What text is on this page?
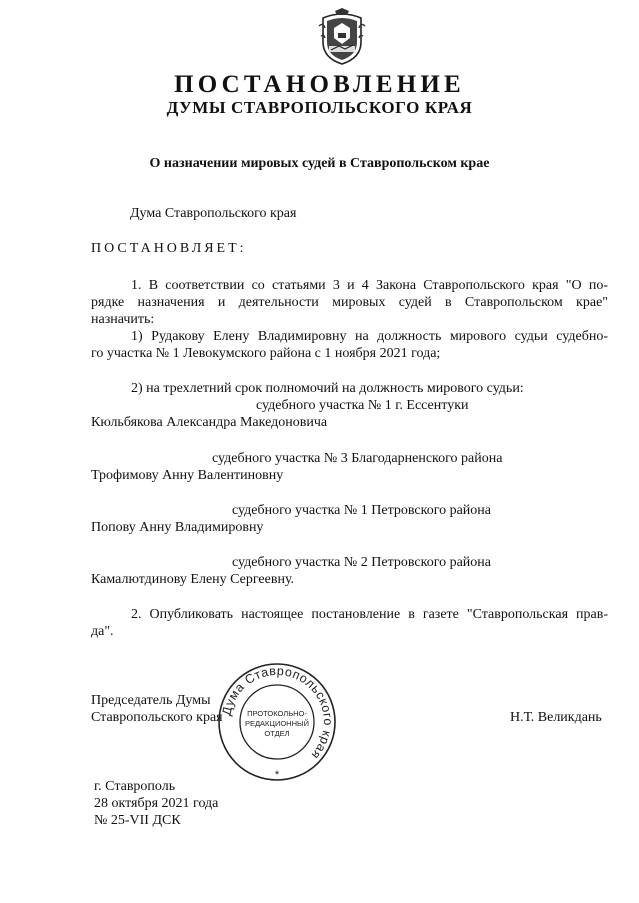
ПОСТАНОВЛЕНИЕ
ДУМЫ СТАВРОПОЛЬСКОГО КРАЯ
О назначении мировых судей в Ставропольском крае
Дума Ставропольского края
ПОСТАНОВЛЯЕТ:
1. В соответствии со статьями 3 и 4 Закона Ставропольского края "О по-
рядке назначения и деятельности мировых судей в Ставропольском крае"
назначить:
1) Рудакову Елену Владимировну на должность мирового судьи судебно-
го участка № 1 Левокумского района с 1 ноября 2021 года;
2) на трехлетний срок полномочий на должность мирового судьи:
судебного участка № 1 г. Ессентуки
Кюльбякова Александра Македоновича
судебного участка № 3 Благодарненского района
Трофимову Анну Валентиновну
судебного участка № 1 Петровского района
Попову Анну Владимировну
судебного участка № 2 Петровского района
Камалютдинову Елену Сергеевну.
2. Опубликовать настоящее постановление в газете "Ставропольская прав-
да".
Председатель Думы
Ставропольского края	Н.Т. Великдань
Дума Ставропольского края
ПРОТОКОЛЬНО-
РЕДАКЦИОННЫЙ
ОТДЕЛ
*
г. Ставрополь
28 октября 2021 года
№ 25-VII ДСК
